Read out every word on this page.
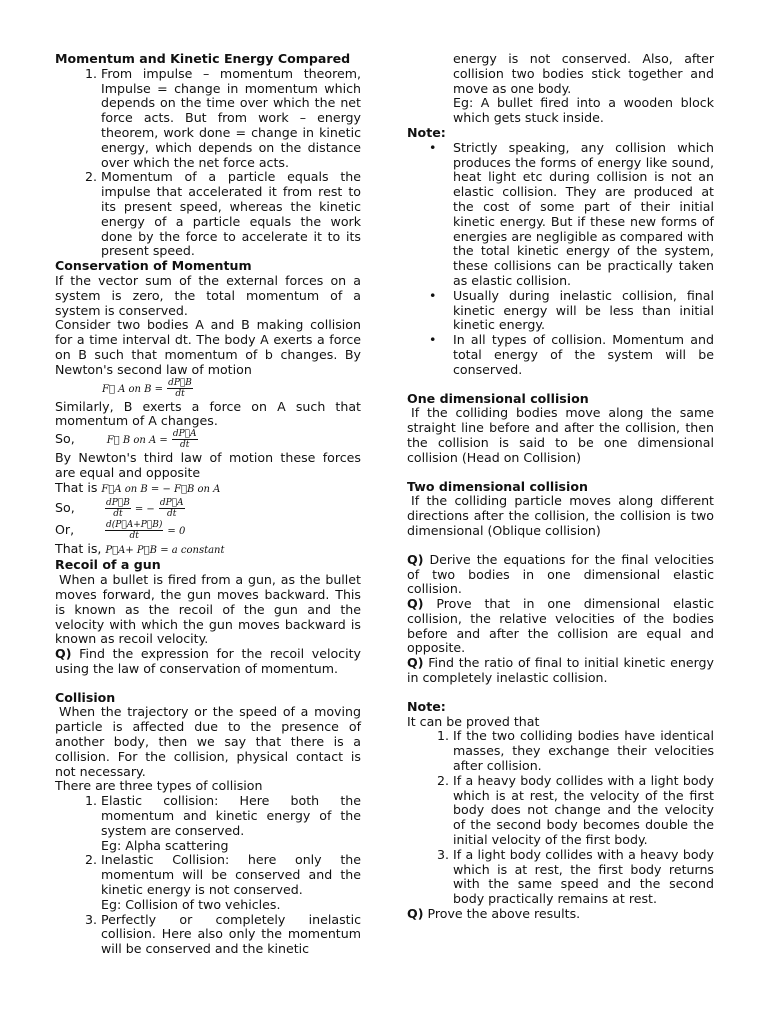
Momentum and Kinetic Energy Compared
1. From impulse – momentum theorem, Impulse = change in momentum which depends on the time over which the net force acts. But from work – energy theorem, work done = change in kinetic energy, which depends on the distance over which the net force acts.
2. Momentum of a particle equals the impulse that accelerated it from rest to its present speed, whereas the kinetic energy of a particle equals the work done by the force to accelerate it to its present speed.
Conservation of Momentum
If the vector sum of the external forces on a system is zero, the total momentum of a system is conserved.
Consider two bodies A and B making collision for a time interval dt. The body A exerts a force on B such that momentum of b changes. By Newton's second law of motion
F⃗ A on $B = \frac{dP⃗B}{dt}$
Similarly, B exerts a force on A such that momentum of A changes.
So,	F⃗ B on $A = \frac{dP⃗A}{dt}$
By Newton's third law of motion these forces are equal and opposite
That is F⃗A on B = − F⃗B on A
So,	$\frac{dP⃗B}{dt}$ = − $\frac{dP⃗A}{dt}$
Or,	$\frac{d(P⃗A+P⃗B)}{dt} = 0$
That is, P⃗A+ P⃗B = a constant
Recoil of a gun
When a bullet is fired from a gun, as the bullet moves forward, the gun moves backward. This is known as the recoil of the gun and the velocity with which the gun moves backward is known as recoil velocity.
Q) Find the expression for the recoil velocity using the law of conservation of momentum.
Collision
When the trajectory or the speed of a moving particle is affected due to the presence of another body, then we say that there is a collision. For the collision, physical contact is not necessary.
There are three types of collision
1. Elastic collision: Here both the momentum and kinetic energy of the system are conserved.
Eg: Alpha scattering
2. Inelastic Collision: here only the momentum will be conserved and the kinetic energy is not conserved.
Eg: Collision of two vehicles.
3. Perfectly or completely inelastic collision. Here also only the momentum will be conserved and the kinetic
energy is not conserved. Also, after collision two bodies stick together and move as one body.
Eg: A bullet fired into a wooden block which gets stuck inside.
Note:
• Strictly speaking, any collision which produces the forms of energy like sound, heat light etc during collision is not an elastic collision. They are produced at the cost of some part of their initial kinetic energy. But if these new forms of energies are negligible as compared with the total kinetic energy of the system, these collisions can be practically taken as elastic collision.
• Usually during inelastic collision, final kinetic energy will be less than initial kinetic energy.
• In all types of collision. Momentum and total energy of the system will be conserved.
One dimensional collision
If the colliding bodies move along the same straight line before and after the collision, then the collision is said to be one dimensional collision (Head on Collision)
Two dimensional collision
If the colliding particle moves along different directions after the collision, the collision is two dimensional (Oblique collision)
Q) Derive the equations for the final velocities of two bodies in one dimensional elastic collision.
Q) Prove that in one dimensional elastic collision, the relative velocities of the bodies before and after the collision are equal and opposite.
Q) Find the ratio of final to initial kinetic energy in completely inelastic collision.
Note:
It can be proved that
1. If the two colliding bodies have identical masses, they exchange their velocities after collision.
2. If a heavy body collides with a light body which is at rest, the velocity of the first body does not change and the velocity of the second body becomes double the initial velocity of the first body.
3. If a light body collides with a heavy body which is at rest, the first body returns with the same speed and the second body practically remains at rest.
Q) Prove the above results.
